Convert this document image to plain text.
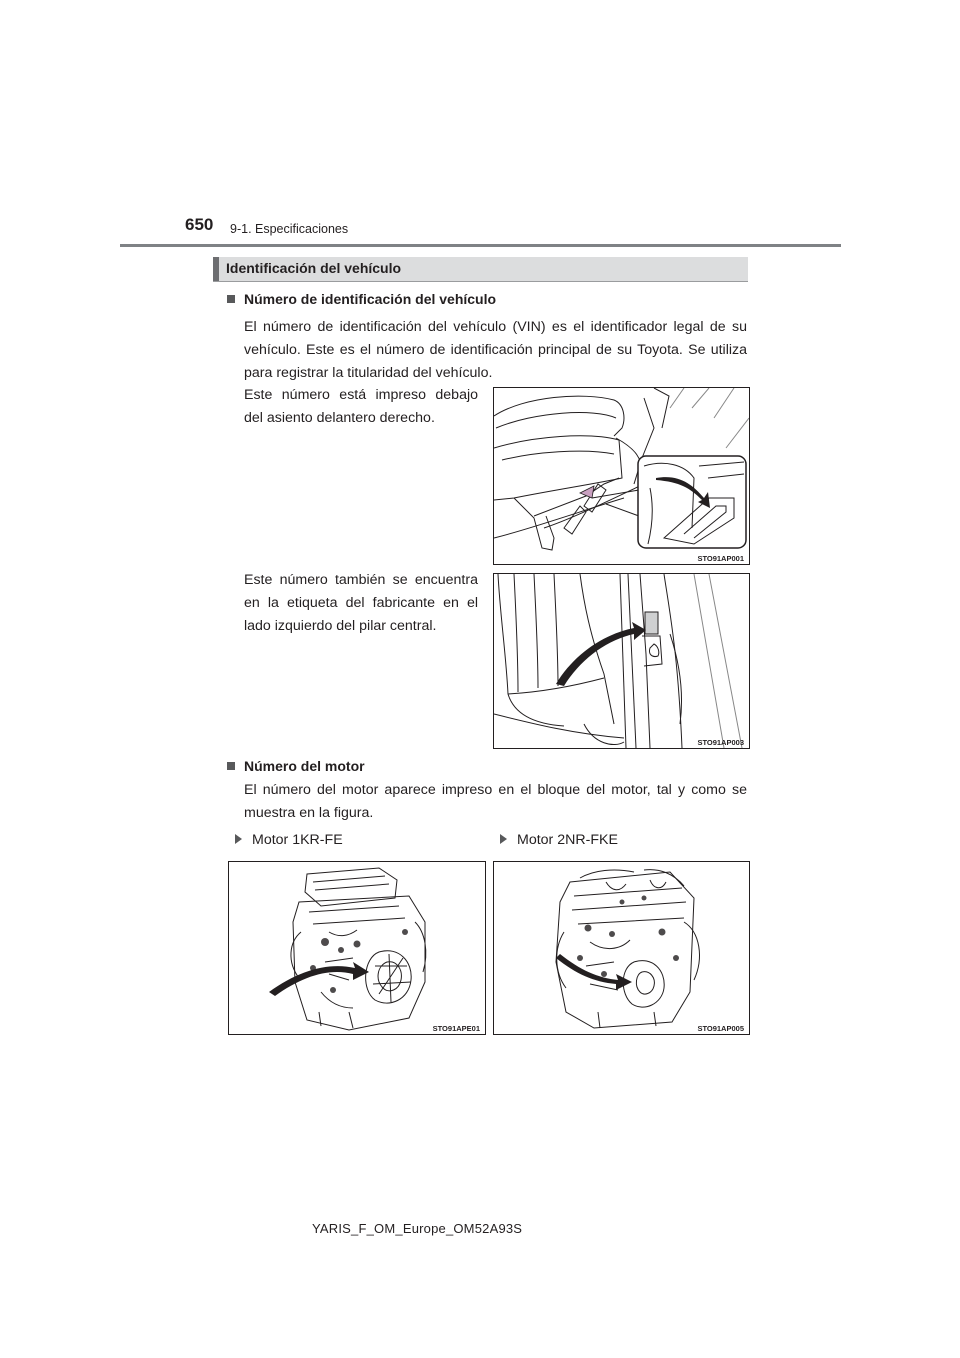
650 9-1. Especificaciones
Identificación del vehículo
Número de identificación del vehículo
El número de identificación del vehículo (VIN) es el identificador legal de su vehículo. Este es el número de identificación principal de su Toyota. Se utiliza para registrar la titularidad del vehículo.
Este número está impreso debajo del asiento delantero derecho.
STO91AP001
Este número también se encuentra en la etiqueta del fabricante en el lado izquierdo del pilar central.
STO91AP003
Número del motor
El número del motor aparece impreso en el bloque del motor, tal y como se muestra en la figura.
Motor 1KR-FE	Motor 2NR-FKE
STO91APE01	STO91AP005
YARIS_F_OM_Europe_OM52A93S
